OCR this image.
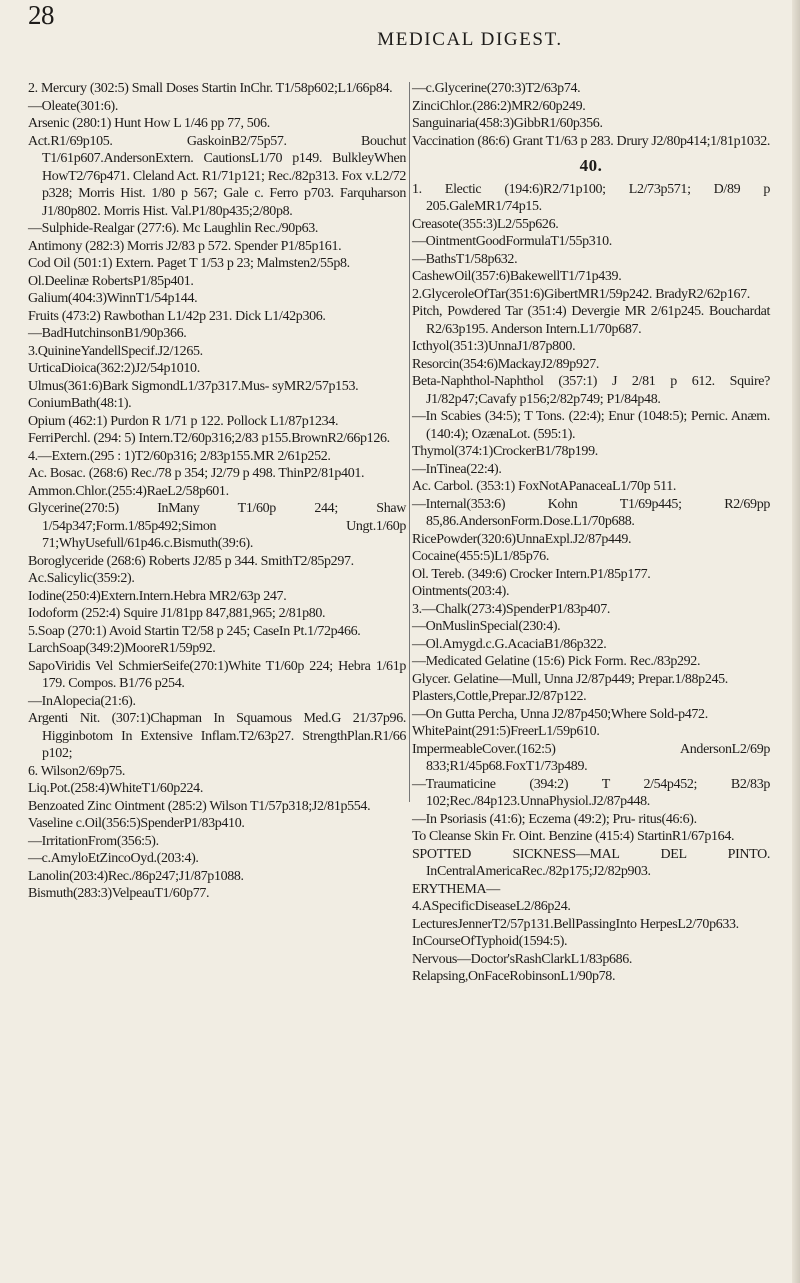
28
MEDICAL DIGEST.
2. Mercury (302:5) Small Doses Startin InChr. T1/58p602;L1/66p84.
—Oleate(301:6).
Arsenic (280:1) Hunt How L 1/46 pp 77, 506.
Act.R1/69p105. GaskoinB2/75p57. Bouchut T1/61p607.AndersonExtern. CautionsL1/70 p149. BulkleyWhen HowT2/76p471. Cleland Act. R1/71p121; Rec./82p313. Fox v.L2/72 p328; Morris Hist. 1/80 p 567; Gale c. Ferro p703. Farquharson J1/80p802. Morris Hist. Val.P1/80p435;2/80p8.
—Sulphide-Realgar (277:6). Mc Laughlin Rec./90p63.
Antimony (282:3) Morris J2/83 p 572. Spender P1/85p161.
Cod Oil (501:1) Extern. Paget T 1/53 p 23; Malmsten2/55p8.
Ol.Deelinæ RobertsP1/85p401.
Galium(404:3)WinnT1/54p144.
Fruits (473:2) Rawbothan L1/42p 231. Dick L1/42p306.
—BadHutchinsonB1/90p366.
3.QuinineYandellSpecif.J2/1265.
UrticaDioica(362:2)J2/54p1010.
Ulmus(361:6)Bark SigmondL1/37p317.Mus- syMR2/57p153.
ConiumBath(48:1).
Opium (462:1) Purdon R 1/71 p 122. Pollock L1/87p1234.
FerriPerchl. (294: 5) Intern.T2/60p316;2/83 p155.BrownR2/66p126.
4.—Extern.(295 : 1)T2/60p316; 2/83p155.MR 2/61p252.
Ac. Bosac. (268:6) Rec./78 p 354; J2/79 p 498. ThinP2/81p401.
Ammon.Chlor.(255:4)RaeL2/58p601.
Glycerine(270:5) InMany T1/60p 244; Shaw 1/54p347;Form.1/85p492;Simon Ungt.1/60p 71;WhyUsefull/61p46.c.Bismuth(39:6).
Boroglyceride (268:6) Roberts J2/85 p 344. SmithT2/85p297.
Ac.Salicylic(359:2).
Iodine(250:4)Extern.Intern.Hebra MR2/63p 247.
Iodoform (252:4) Squire J1/81pp 847,881,965; 2/81p80.
5.Soap (270:1) Avoid Startin T2/58 p 245; CaseIn Pt.1/72p466.
LarchSoap(349:2)MooreR1/59p92.
SapoViridis Vel SchmierSeife(270:1)White T1/60p 224; Hebra 1/61p 179. Compos. B1/76 p254.
—InAlopecia(21:6).
Argenti Nit. (307:1)Chapman In Squamous Med.G 21/37p96. Higginbotom In Extensive Inflam.T2/63p27. StrengthPlan.R1/66 p102;
6. Wilson2/69p75.
Liq.Pot.(258:4)WhiteT1/60p224.
Benzoated Zinc Ointment (285:2) Wilson T1/57p318;J2/81p554.
Vaseline c.Oil(356:5)SpenderP1/83p410.
—IrritationFrom(356:5).
—c.AmyloEtZincoOyd.(203:4).
Lanolin(203:4)Rec./86p247;J1/87p1088.
Bismuth(283:3)VelpeauT1/60p77.
—c.Glycerine(270:3)T2/63p74.
ZinciChlor.(286:2)MR2/60p249.
Sanguinaria(458:3)GibbR1/60p356.
Vaccination (86:6) Grant T1/63 p 283. Drury J2/80p414;1/81p1032.
40.
1. Electic (194:6)R2/71p100; L2/73p571; D/89 p 205.GaleMR1/74p15.
Creasote(355:3)L2/55p626.
—OintmentGoodFormulaT1/55p310.
—BathsT1/58p632.
CashewOil(357:6)BakewellT1/71p439.
2.GlyceroleOfTar(351:6)GibertMR1/59p242. BradyR2/62p167.
Pitch, Powdered Tar (351:4) Devergie MR 2/61p245. Bouchardat R2/63p195. Anderson Intern.L1/70p687.
Icthyol(351:3)UnnaJ1/87p800.
Resorcin(354:6)MackayJ2/89p927.
Beta-Naphthol-Naphthol (357:1) J 2/81 p 612. Squire? J1/82p47;Cavafy p156;2/82p749; P1/84p48.
—In Scabies (34:5); T Tons. (22:4); Enur (1048:5); Pernic. Anæm.(140:4); OzænaLot. (595:1).
Thymol(374:1)CrockerB1/78p199.
—InTinea(22:4).
Ac. Carbol. (353:1) FoxNotAPanaceaL1/70p 511.
—Internal(353:6) Kohn T1/69p445; R2/69pp 85,86.AndersonForm.Dose.L1/70p688.
RicePowder(320:6)UnnaExpl.J2/87p449.
Cocaine(455:5)L1/85p76.
Ol. Tereb. (349:6) Crocker Intern.P1/85p177.
Ointments(203:4).
3.—Chalk(273:4)SpenderP1/83p407.
—OnMuslinSpecial(230:4).
—Ol.Amygd.c.G.AcaciaB1/86p322.
—Medicated Gelatine (15:6) Pick Form. Rec./83p292.
Glycer. Gelatine—Mull, Unna J2/87p449; Prepar.1/88p245.
Plasters,Cottle,Prepar.J2/87p122.
—On Gutta Percha, Unna J2/87p450;Where Sold-p472.
WhitePaint(291:5)FreerL1/59p610.
ImpermeableCover.(162:5) AndersonL2/69p 833;R1/45p68.FoxT1/73p489.
—Traumaticine (394:2) T 2/54p452; B2/83p 102;Rec./84p123.UnnaPhysiol.J2/87p448.
—In Psoriasis (41:6); Eczema (49:2); Pru- ritus(46:6).
To Cleanse Skin Fr. Oint. Benzine (415:4) StartinR1/67p164.
SPOTTED SICKNESS—MAL DEL PINTO. InCentralAmericaRec./82p175;J2/82p903.
ERYTHEMA—
4.ASpecificDiseaseL2/86p24.
LecturesJennerT2/57p131.BellPassingInto HerpesL2/70p633.
InCourseOfTyphoid(1594:5).
Nervous—Doctor'sRashClarkL1/83p686.
Relapsing,OnFaceRobinsonL1/90p78.
